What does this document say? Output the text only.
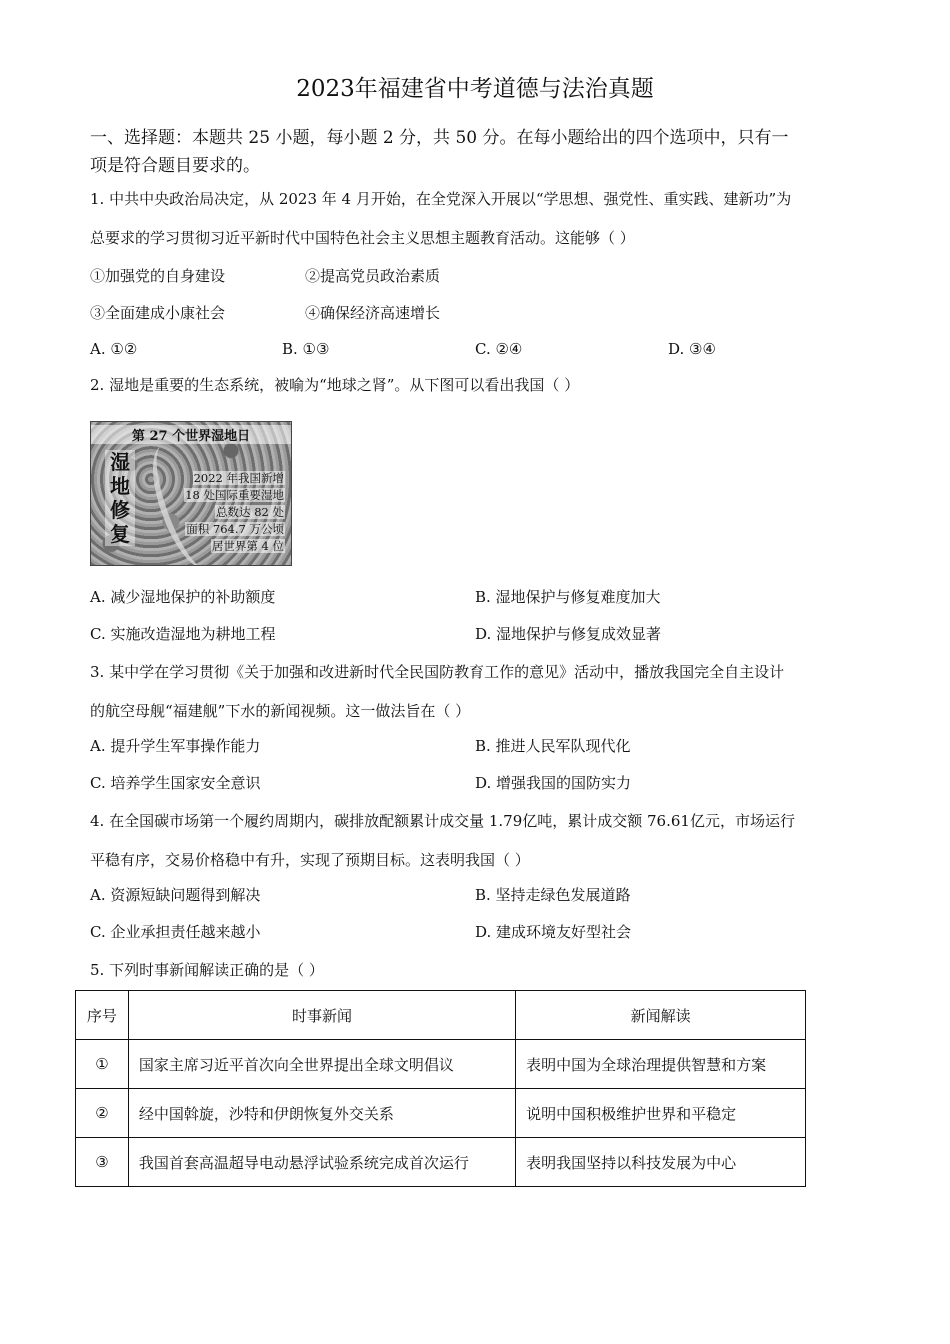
2023年福建省中考道德与法治真题
一、选择题：本题共 25 小题，每小题 2 分，共 50 分。在每小题给出的四个选项中，只有一
项是符合题目要求的。
1. 中共中央政治局决定，从 2023 年 4 月开始，在全党深入开展以“学思想、强党性、重实践、建新功”为
总要求的学习贯彻习近平新时代中国特色社会主义思想主题教育活动。这能够（ ）
①加强党的自身建设	②提高党员政治素质
③全面建成小康社会	④确保经济高速增长
A. ①②	B. ①③	C. ②④	D. ③④
2. 湿地是重要的生态系统，被喻为“地球之肾”。从下图可以看出我国（ ）
第 27 个世界湿地日
湿
地
修
复
2022 年我国新增
18 处国际重要湿地
总数达 82 处
面积 764.7 万公顷
居世界第 4 位
A. 减少湿地保护的补助额度	B. 湿地保护与修复难度加大
C. 实施改造湿地为耕地工程	D. 湿地保护与修复成效显著
3. 某中学在学习贯彻《关于加强和改进新时代全民国防教育工作的意见》活动中，播放我国完全自主设计
的航空母舰“福建舰”下水的新闻视频。这一做法旨在（ ）
A. 提升学生军事操作能力	B. 推进人民军队现代化
C. 培养学生国家安全意识	D. 增强我国的国防实力
4. 在全国碳市场第一个履约周期内，碳排放配额累计成交量 1.79亿吨，累计成交额 76.61亿元，市场运行
平稳有序，交易价格稳中有升，实现了预期目标。这表明我国（ ）
A. 资源短缺问题得到解决	B. 坚持走绿色发展道路
C. 企业承担责任越来越小	D. 建成环境友好型社会
5. 下列时事新闻解读正确的是（ ）
序号	时事新闻	新闻解读
①	国家主席习近平首次向全世界提出全球文明倡议	表明中国为全球治理提供智慧和方案
②	经中国斡旋，沙特和伊朗恢复外交关系	说明中国积极维护世界和平稳定
③	我国首套高温超导电动悬浮试验系统完成首次运行	表明我国坚持以科技发展为中心
